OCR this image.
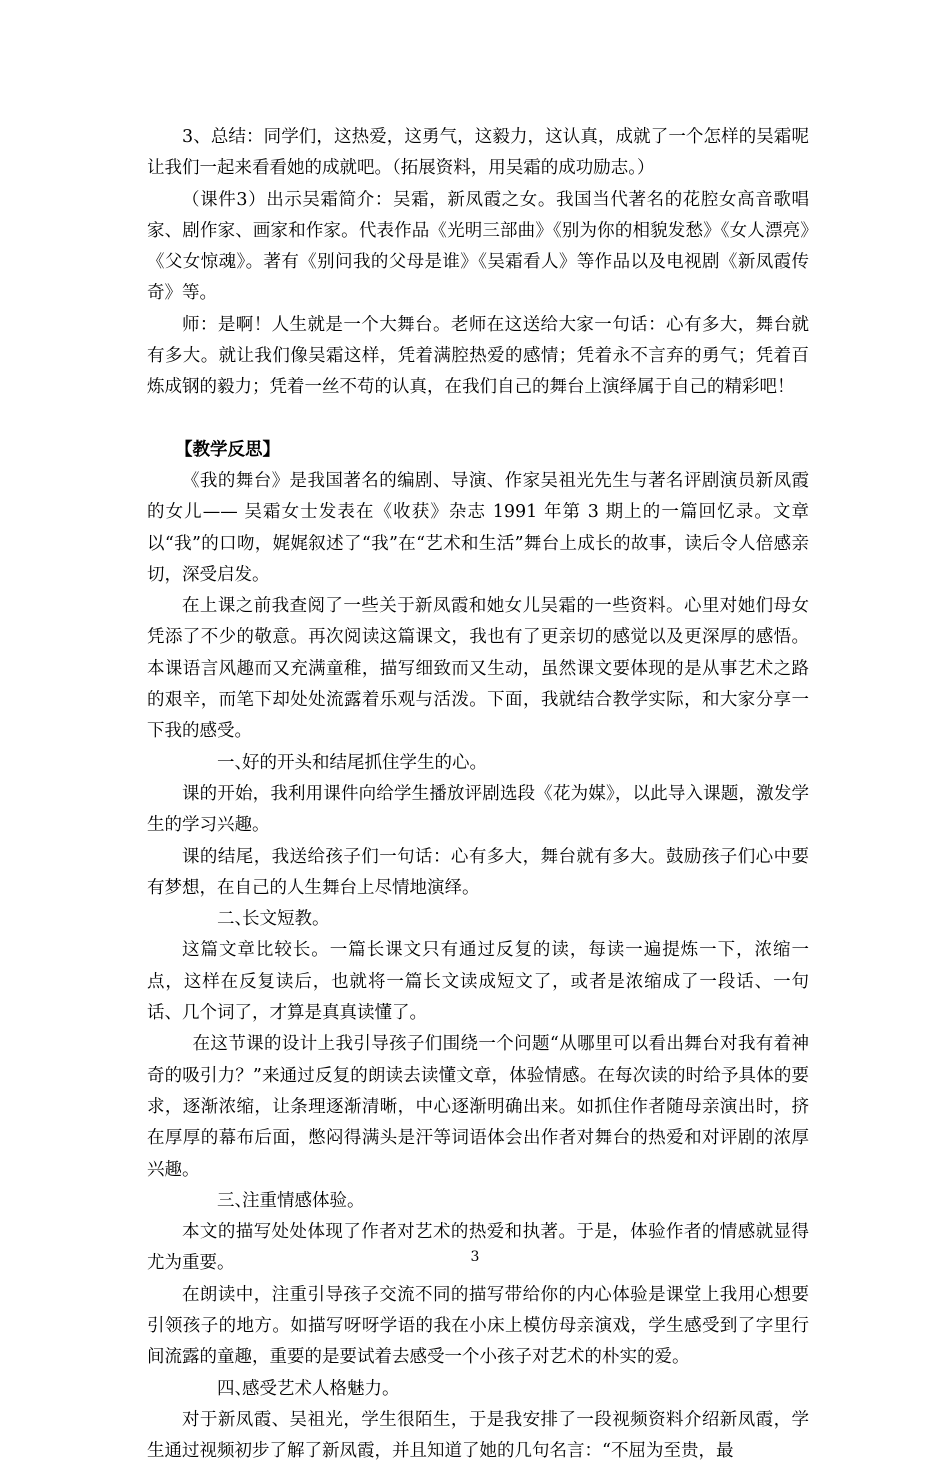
3、总结：同学们，这热爱，这勇气，这毅力，这认真，成就了一个怎样的吴霜呢让我们一起来看看她的成就吧。（拓展资料，用吴霜的成功励志。）

（课件3）出示吴霜简介：吴霜，新凤霞之女。我国当代著名的花腔女高音歌唱家、剧作家、画家和作家。代表作品《光明三部曲》《别为你的相貌发愁》《女人漂亮》《父女惊魂》。著有《别问我的父母是谁》《吴霜看人》等作品以及电视剧《新凤霞传奇》等。

师：是啊！人生就是一个大舞台。老师在这送给大家一句话：心有多大，舞台就有多大。就让我们像吴霜这样，凭着满腔热爱的感情；凭着永不言弃的勇气；凭着百炼成钢的毅力；凭着一丝不苟的认真，在我们自己的舞台上演绎属于自己的精彩吧！

【教学反思】

《我的舞台》是我国著名的编剧、导演、作家吴祖光先生与著名评剧演员新凤霞的女儿—— 吴霜女士发表在《收获》杂志 1991 年第 3 期上的一篇回忆录。文章以“我”的口吻，娓娓叙述了“我”在“艺术和生活”舞台上成长的故事，读后令人倍感亲切，深受启发。

在上课之前我查阅了一些关于新凤霞和她女儿吴霜的一些资料。心里对她们母女凭添了不少的敬意。再次阅读这篇课文，我也有了更亲切的感觉以及更深厚的感悟。本课语言风趣而又充满童稚，描写细致而又生动，虽然课文要体现的是从事艺术之路的艰辛，而笔下却处处流露着乐观与活泼。下面，我就结合教学实际，和大家分享一下我的感受。

一、好的开头和结尾抓住学生的心。

课的开始，我利用课件向给学生播放评剧选段《花为媒》，以此导入课题，激发学生的学习兴趣。

课的结尾，我送给孩子们一句话：心有多大，舞台就有多大。鼓励孩子们心中要有梦想，在自己的人生舞台上尽情地演绎。

二、长文短教。

这篇文章比较长。一篇长课文只有通过反复的读，每读一遍提炼一下，浓缩一点，这样在反复读后，也就将一篇长文读成短文了，或者是浓缩成了一段话、一句话、几个词了，才算是真真读懂了。

在这节课的设计上我引导孩子们围绕一个问题“从哪里可以看出舞台对我有着神奇的吸引力？”来通过反复的朗读去读懂文章，体验情感。在每次读的时给予具体的要求，逐渐浓缩，让条理逐渐清晰，中心逐渐明确出来。如抓住作者随母亲演出时，挤在厚厚的幕布后面，憋闷得满头是汗等词语体会出作者对舞台的热爱和对评剧的浓厚兴趣。

三、注重情感体验。

本文的描写处处体现了作者对艺术的热爱和执著。于是，体验作者的情感就显得尤为重要。

在朗读中，注重引导孩子交流不同的描写带给你的内心体验是课堂上我用心想要引领孩子的地方。如描写呀呀学语的我在小床上模仿母亲演戏，学生感受到了字里行间流露的童趣，重要的是要试着去感受一个小孩子对艺术的朴实的爱。

四、感受艺术人格魅力。

对于新凤霞、吴祖光，学生很陌生，于是我安排了一段视频资料介绍新凤霞，学生通过视频初步了解了新凤霞，并且知道了她的几句名言：“不屈为至贵，最

3
